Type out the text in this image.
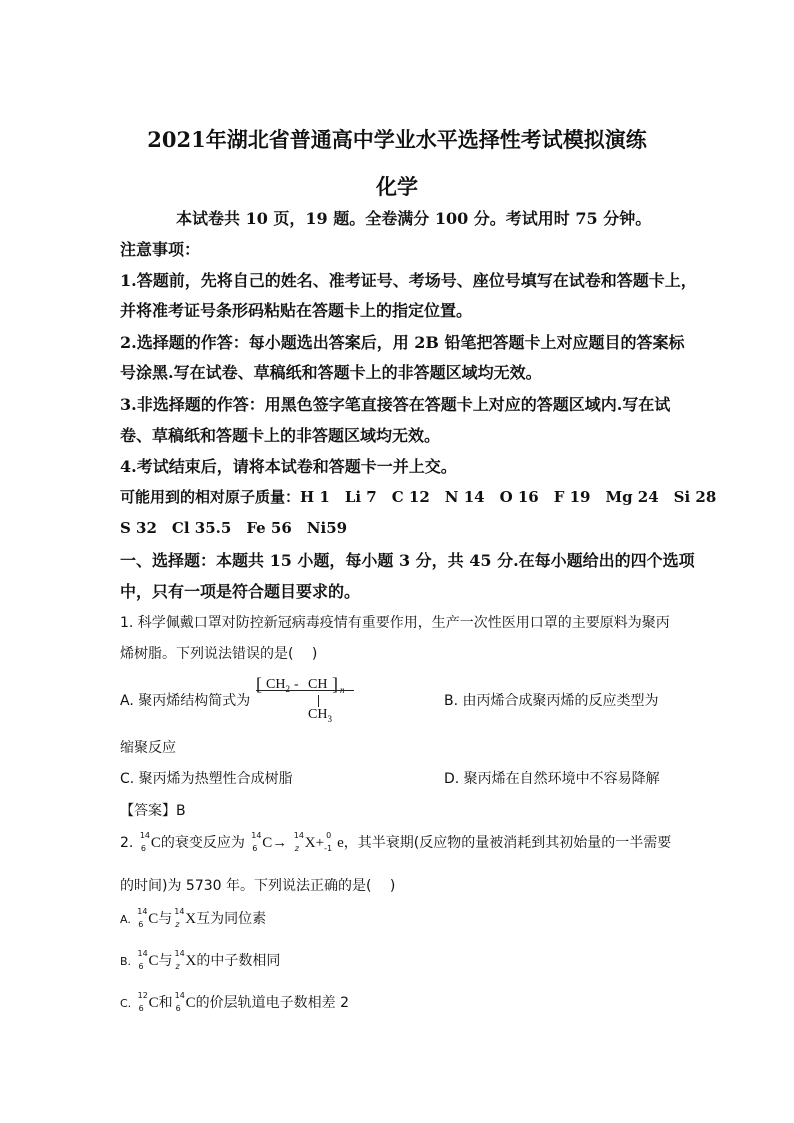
2021年湖北省普通高中学业水平选择性考试模拟演练
化学
本试卷共 10 页，19 题。全卷满分 100 分。考试用时 75 分钟。
注意事项：
1.答题前，先将自己的姓名、准考证号、考场号、座位号填写在试卷和答题卡上，
并将准考证号条形码粘贴在答题卡上的指定位置。
2.选择题的作答：每小题选出答案后，用 2B 铅笔把答题卡上对应题目的答案标
号涂黑.写在试卷、草稿纸和答题卡上的非答题区域均无效。
3.非选择题的作答：用黑色签字笔直接答在答题卡上对应的答题区域内.写在试
卷、草稿纸和答题卡上的非答题区域均无效。
4.考试结束后，请将本试卷和答题卡一并上交。
可能用到的相对原子质量：H 1　Li 7　C 12　N 14　O 16　F 19　Mg 24　Si 28
S 32　Cl 35.5　Fe 56　Ni59
一、选择题：本题共 15 小题，每小题 3 分，共 45 分.在每小题给出的四个选项
中，只有一项是符合题目要求的。
1. 科学佩戴口罩对防控新冠病毒疫情有重要作用，生产一次性医用口罩的主要原料为聚丙
烯树脂。下列说法错误的是(　 )
A. 聚丙烯结构简式为
[ $CH_2$ - CH ] n
$CH_3$
B. 由丙烯合成聚丙烯的反应类型为
缩聚反应
C. 聚丙烯为热塑性合成树脂	D. 聚丙烯在自然环境中不容易降解
【答案】B
2. 14
6 C的衰变反应为 14
6 C→ 14
z X+ 0
-1 e，其半衰期(反应物的量被消耗到其初始量的一半需要
的时间)为 5730 年。下列说法正确的是(　 )
A.
14
6 C与 14
z X互为同位素
B.
14
6 C与 14
z X的中子数相同
C.
12
6 C和 14
6 C的价层轨道电子数相差 2
